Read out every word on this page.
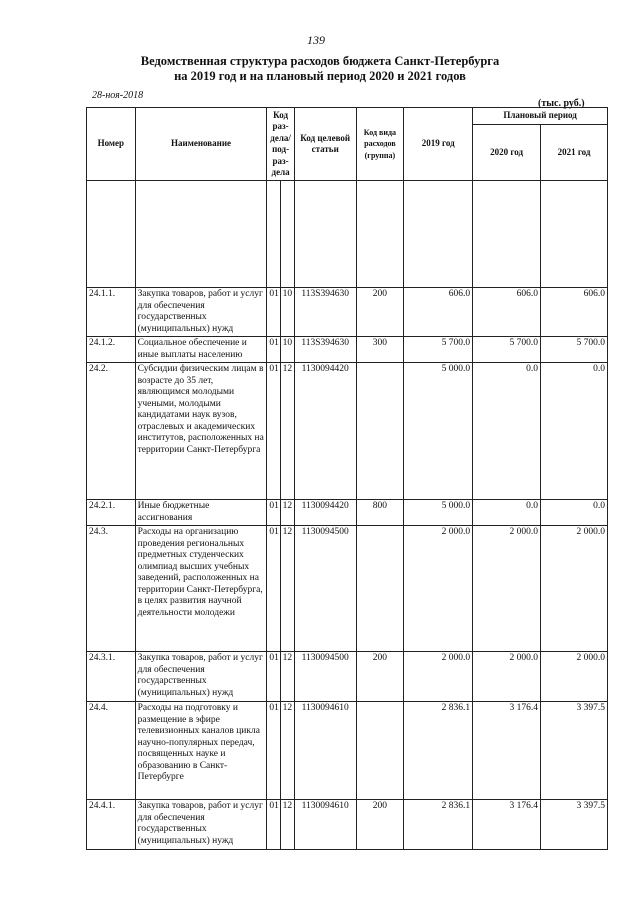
139
Ведомственная структура расходов бюджета Санкт-Петербурга
на 2019 год и на плановый период 2020 и 2021 годов
28-ноя-2018
(тыс. руб.)
Номер	Наименование	Код раз-дела/ под-раз-дела		Код целевой статьи	Код вида расходов (группа)	2019 год	Плановый период	
							2020 год	2021 год

24.1.1.	Закупка товаров, работ и услуг для обеспечения государственных (муниципальных) нужд	01	10	113S394630	200	606.0	606.0	606.0
24.1.2.	Социальное обеспечение и иные выплаты населению	01	10	113S394630	300	5 700.0	5 700.0	5 700.0
24.2.	Субсидии физическим лицам в возрасте до 35 лет, являющимся молодыми учеными, молодыми кандидатами наук вузов, отраслевых и академических институтов, расположенных на территории Санкт-Петербурга	01	12	1130094420		5 000.0	0.0	0.0
24.2.1.	Иные бюджетные ассигнования	01	12	1130094420	800	5 000.0	0.0	0.0
24.3.	Расходы на организацию проведения региональных предметных студенческих олимпиад высших учебных заведений, расположенных на территории Санкт-Петербурга, в целях развития научной деятельности молодежи	01	12	1130094500		2 000.0	2 000.0	2 000.0
24.3.1.	Закупка товаров, работ и услуг для обеспечения государственных (муниципальных) нужд	01	12	1130094500	200	2 000.0	2 000.0	2 000.0
24.4.	Расходы на подготовку и размещение в эфире телевизионных каналов цикла научно-популярных передач, посвященных науке и образованию в Санкт-Петербурге	01	12	1130094610		2 836.1	3 176.4	3 397.5
24.4.1.	Закупка товаров, работ и услуг для обеспечения государственных (муниципальных) нужд	01	12	1130094610	200	2 836.1	3 176.4	3 397.5
